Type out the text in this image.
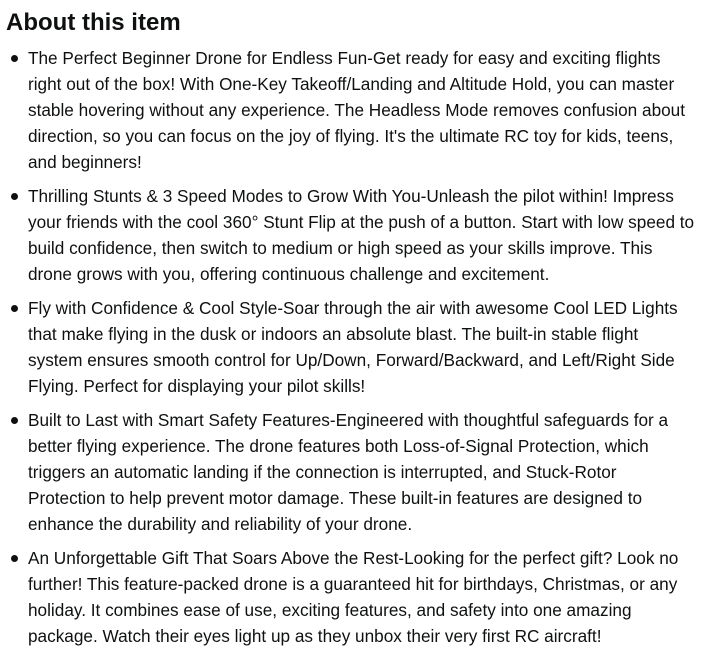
About this item
The Perfect Beginner Drone for Endless Fun-Get ready for easy and exciting flights right out of the box! With One-Key Takeoff/Landing and Altitude Hold, you can master stable hovering without any experience. The Headless Mode removes confusion about direction, so you can focus on the joy of flying. It's the ultimate RC toy for kids, teens, and beginners!
Thrilling Stunts & 3 Speed Modes to Grow With You-Unleash the pilot within! Impress your friends with the cool 360° Stunt Flip at the push of a button. Start with low speed to build confidence, then switch to medium or high speed as your skills improve. This drone grows with you, offering continuous challenge and excitement.
Fly with Confidence & Cool Style-Soar through the air with awesome Cool LED Lights that make flying in the dusk or indoors an absolute blast. The built-in stable flight system ensures smooth control for Up/Down, Forward/Backward, and Left/Right Side Flying. Perfect for displaying your pilot skills!
Built to Last with Smart Safety Features-Engineered with thoughtful safeguards for a better flying experience. The drone features both Loss-of-Signal Protection, which triggers an automatic landing if the connection is interrupted, and Stuck-Rotor Protection to help prevent motor damage. These built-in features are designed to enhance the durability and reliability of your drone.
An Unforgettable Gift That Soars Above the Rest-Looking for the perfect gift? Look no further! This feature-packed drone is a guaranteed hit for birthdays, Christmas, or any holiday. It combines ease of use, exciting features, and safety into one amazing package. Watch their eyes light up as they unbox their very first RC aircraft!
